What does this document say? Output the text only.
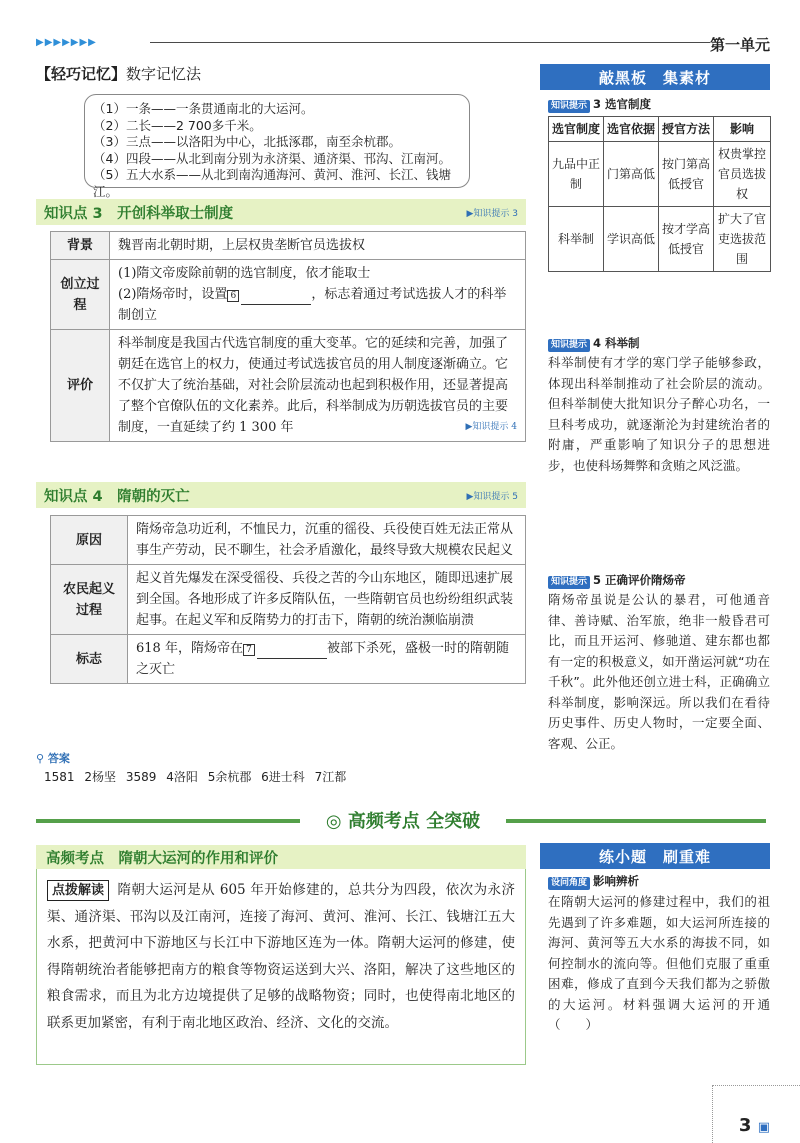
▶▶▶▶▶▶▶	第一单元
【轻巧记忆】数字记忆法
（1）一条——一条贯通南北的大运河。
（2）二长——2 700多千米。
（3）三点——以洛阳为中心，北抵涿郡，南至余杭郡。
（4）四段——从北到南分别为永济渠、通济渠、邗沟、江南河。
（5）五大水系——从北到南沟通海河、黄河、淮河、长江、钱塘江。
知识点 3　开创科举取士制度	▶知识提示 3
背景	魏晋南北朝时期，上层权贵垄断官员选拔权
创立过程	(1)隋文帝废除前朝的选官制度，依才能取士
(2)隋炀帝时，设置 6 ，标志着通过考试选拔人才的科举制创立

评价	科举制度是我国古代选官制度的重大变革。它的延续和完善，加强了朝廷在选官上的权力，使通过考试选拔官员的用人制度逐渐确立。它不仅扩大了统治基础，对社会阶层流动也起到积极作用，还显著提高了整个官僚队伍的文化素养。此后，科举制成为历朝选拔官员的主要制度，一直延续了约 1 300 年 ▶知识提示 4
知识点 4　隋朝的灭亡	▶知识提示 5
原因	隋炀帝急功近利，不恤民力，沉重的徭役、兵役使百姓无法正常从事生产劳动，民不聊生，社会矛盾激化，最终导致大规模农民起义
农民起义过程	起义首先爆发在深受徭役、兵役之苦的今山东地区，随即迅速扩展到全国。各地形成了许多反隋队伍，一些隋朝官员也纷纷组织武装起事。在起义军和反隋势力的打击下，隋朝的统治濒临崩溃
标志	618 年，隋炀帝在 7 被部下杀死，盛极一时的隋朝随之灭亡
⚲ 答案
1581 2杨坚 3589 4洛阳 5余杭郡 6进士科 7江都
◎ 高频考点 全突破
高频考点　隋朝大运河的作用和评价

点拨解读 隋朝大运河是从 605 年开始修建的，总共分为四段，依次为永济渠、通济渠、邗沟以及江南河，连接了海河、黄河、淮河、长江、钱塘江五大水系，把黄河中下游地区与长江中下游地区连为一体。隋朝大运河的修建，使得隋朝统治者能够把南方的粮食等物资运送到大兴、洛阳，解决了这些地区的粮食需求，而且为北方边境提供了足够的战略物资；同时，也使得南北地区的联系更加紧密，有利于南北地区政治、经济、文化的交流。

敲黑板　集素材
知识提示 3 选官制度
选官制度	选官依据	授官方法	影响
九品中正制	门第高低	按门第高低授官	权贵掌控官员选拔权
科举制	学识高低	按才学高低授官	扩大了官吏选拔范围
知识提示 4 科举制
科举制使有才学的寒门学子能够参政，体现出科举制推动了社会阶层的流动。但科举制使大批知识分子醉心功名，一旦科考成功，就逐渐沦为封建统治者的附庸，严重影响了知识分子的思想进步，也使科场舞弊和贪贿之风泛滥。
知识提示 5 正确评价隋炀帝
隋炀帝虽说是公认的暴君，可他通音律、善诗赋、治军旅，绝非一般昏君可比，而且开运河、修驰道、建东都也都有一定的积极意义，如开凿运河就“功在千秋”。此外他还创立进士科，正确确立科举制度，影响深远。所以我们在看待历史事件、历史人物时，一定要全面、客观、公正。
练小题　刷重难
设问角度 影响辨析
在隋朝大运河的修建过程中，我们的祖先遇到了许多难题，如大运河所连接的海河、黄河等五大水系的海拔不同，如何控制水的流向等。但他们克服了重重困难，修成了直到今天我们都为之骄傲的大运河。材料强调大运河的开通（　　）
3 ▣
